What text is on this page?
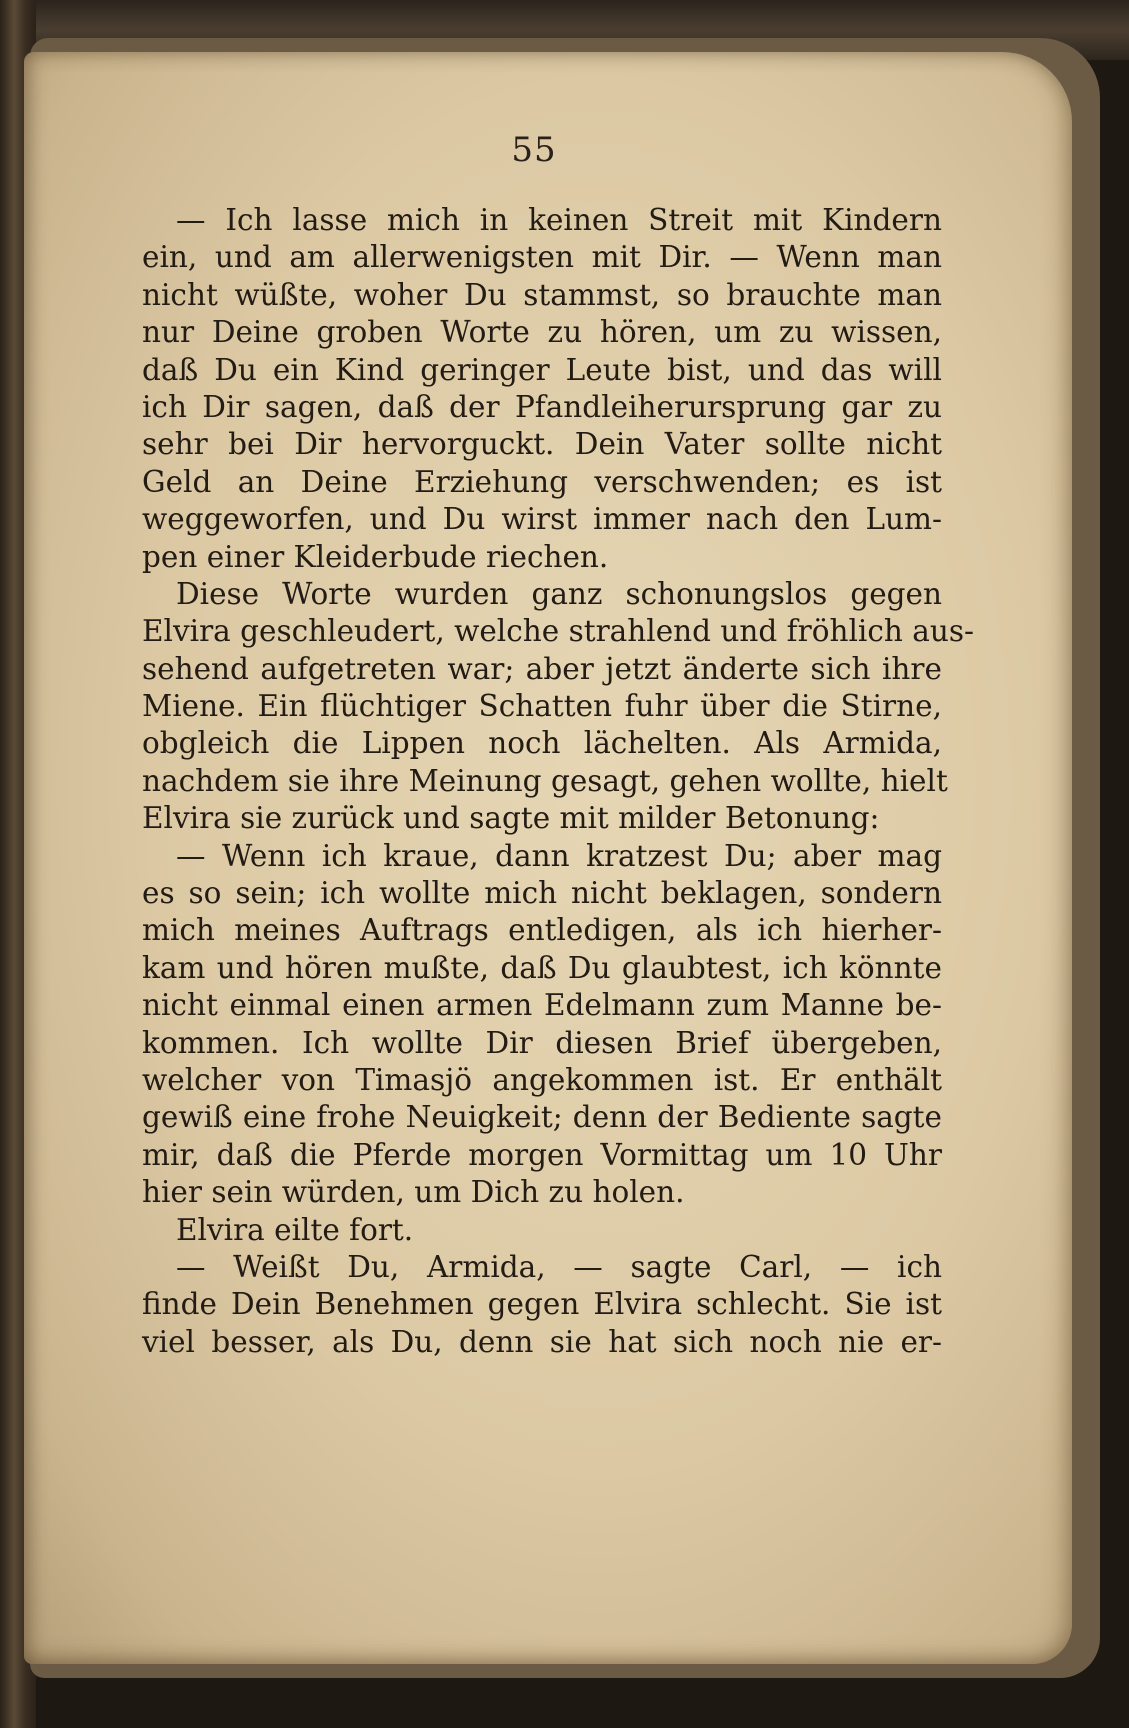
55
— Ich lasse mich in keinen Streit mit Kindern
ein, und am allerwenigsten mit Dir. — Wenn man
nicht wüßte, woher Du stammst, so brauchte man
nur Deine groben Worte zu hören, um zu wissen,
daß Du ein Kind geringer Leute bist, und das will
ich Dir sagen, daß der Pfandleiherursprung gar zu
sehr bei Dir hervorguckt. Dein Vater sollte nicht
Geld an Deine Erziehung verschwenden; es ist
weggeworfen, und Du wirst immer nach den Lum-
pen einer Kleiderbude riechen.
Diese Worte wurden ganz schonungslos gegen
Elvira geschleudert, welche strahlend und fröhlich aus-
sehend aufgetreten war; aber jetzt änderte sich ihre
Miene. Ein flüchtiger Schatten fuhr über die Stirne,
obgleich die Lippen noch lächelten. Als Armida,
nachdem sie ihre Meinung gesagt, gehen wollte, hielt
Elvira sie zurück und sagte mit milder Betonung:
— Wenn ich kraue, dann kratzest Du; aber mag
es so sein; ich wollte mich nicht beklagen, sondern
mich meines Auftrags entledigen, als ich hierher-
kam und hören mußte, daß Du glaubtest, ich könnte
nicht einmal einen armen Edelmann zum Manne be-
kommen. Ich wollte Dir diesen Brief übergeben,
welcher von Timasjö angekommen ist. Er enthält
gewiß eine frohe Neuigkeit; denn der Bediente sagte
mir, daß die Pferde morgen Vormittag um 10 Uhr
hier sein würden, um Dich zu holen.
Elvira eilte fort.
— Weißt Du, Armida, — sagte Carl, — ich
finde Dein Benehmen gegen Elvira schlecht. Sie ist
viel besser, als Du, denn sie hat sich noch nie er-
